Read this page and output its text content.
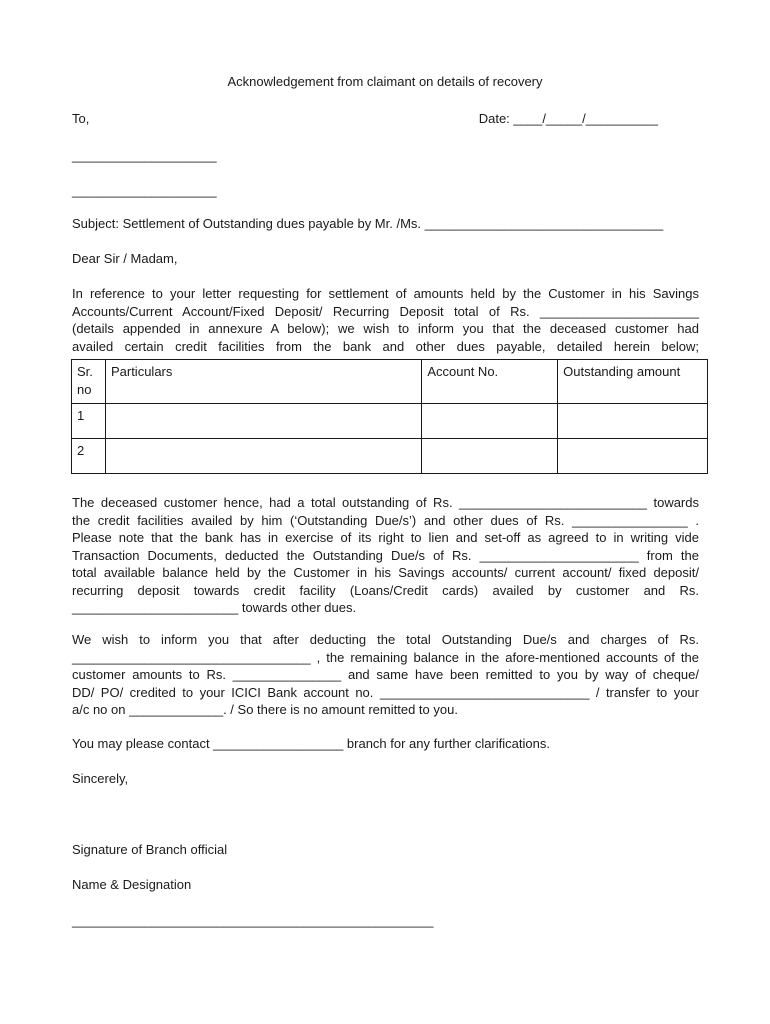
Acknowledgement from claimant on details of recovery
To,	Date: ____/_____/__________
____________________
____________________
Subject: Settlement of Outstanding dues payable by Mr. /Ms. _________________________________
Dear Sir / Madam,
In reference to your letter requesting for settlement of amounts held by the Customer in his Savings
Accounts/Current Account/Fixed Deposit/ Recurring Deposit total of Rs. ______________________
(details appended in annexure A below); we wish to inform you that the deceased customer had
availed certain credit facilities from the bank and other dues payable, detailed herein below;
Sr. no	Particulars	Account No.	Outstanding amount
1			
2			
The deceased customer hence, had a total outstanding of Rs. __________________________ towards
the credit facilities availed by him (‘Outstanding Due/s’) and other dues of Rs. ________________ .
Please note that the bank has in exercise of its right to lien and set-off as agreed to in writing vide
Transaction Documents, deducted the Outstanding Due/s of Rs. ______________________ from the
total available balance held by the Customer in his Savings accounts/ current account/ fixed deposit/
recurring deposit towards credit facility (Loans/Credit cards) availed by customer and Rs.
_______________________ towards other dues.
We wish to inform you that after deducting the total Outstanding Due/s and charges of Rs.
_________________________________ , the remaining balance in the afore-mentioned accounts of the
customer amounts to Rs. _______________ and same have been remitted to you by way of cheque/
DD/ PO/ credited to your ICICI Bank account no. _____________________________ / transfer to your
a/c no on _____________. / So there is no amount remitted to you.
You may please contact __________________ branch for any further clarifications.
Sincerely,
Signature of Branch official
Name & Designation
__________________________________________________
